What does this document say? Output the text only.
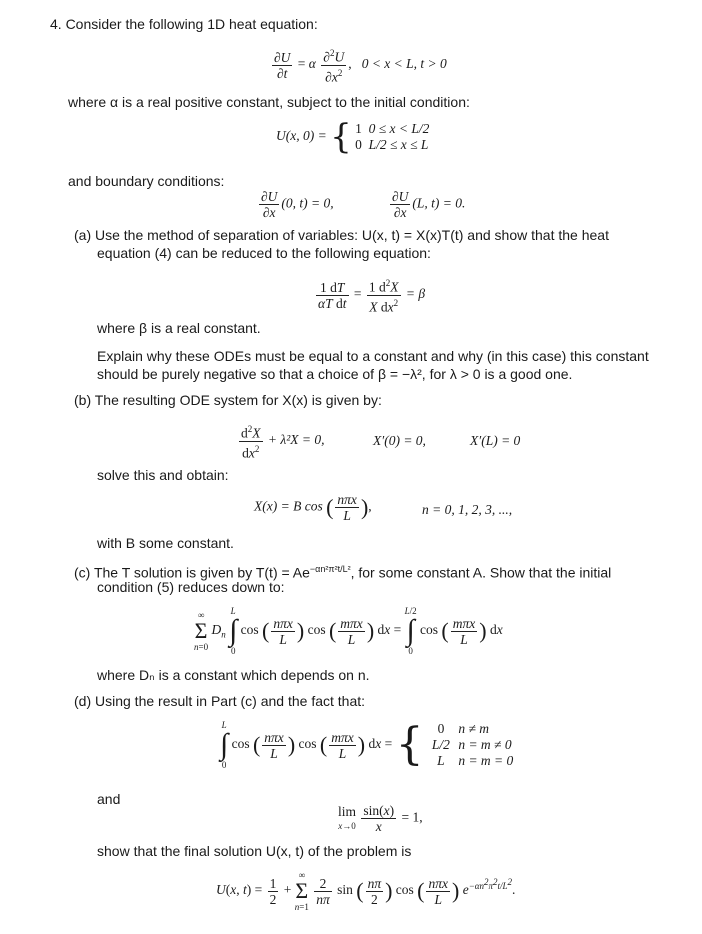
4. Consider the following 1D heat equation:
$\frac{\partial U}{\partial t} = \alpha \frac{\partial^2U}{\partial x^2}$ ,   0 < x < L, t > 0
where α is a real positive constant, subject to the initial condition:
U(x, 0) = { 1 0 ≤ x < L/2
0 L/2 ≤ x ≤ L
and boundary conditions:
$\frac{\partial U}{\partial x} (0$, t) = 0,	$\frac{\partial U}{\partial x} (L$, t) = 0.
(a) Use the method of separation of variables: U(x, t) = X(x)T(t) and show that the heat
equation (4) can be reduced to the following equation:
$\frac{1 dT}{\text{αT dt}} = \frac{1 d^2X}{X dx^2} = \beta$
where β is a real constant.
Explain why these ODEs must be equal to a constant and why (in this case) this constant
should be purely negative so that a choice of β = −λ², for λ > 0 is a good one.
(b) The resulting ODE system for X(x) is given by:
$\frac{d^2X}{dx^2} + \lambda^2X = 0$,	X′(0) = 0,	X′(L) = 0
solve this and obtain:
X(x) = B cos ( $\frac{\text{nπx}}{L}$ ),	n = 0, 1, 2, 3, ...,
with B some constant.
(c) The T solution is given by $T(t) = Ae^{-\alpha n^2\pi^2t/L^2}$, for some constant A. Show that the initial
condition (5) reduces down to:
∞
Σ
n=0 $D_n$ L
∫
0 cos ( $\frac{\text{nπx}}{L}$ ) cos ( $\frac{\text{mπx}}{L}$ ) dx = L/2
∫
0 cos ( $\frac{\text{mπx}}{L}$ ) dx
where Dₙ is a constant which depends on n.
(d) Using the result in Part (c) and the fact that:
L
∫
0 cos ( $\frac{\text{nπx}}{L}$ ) cos ( $\frac{\text{mπx}}{L}$ ) dx = { 0 n ≠ m
L/2 n = m ≠ 0
L n = m = 0
and
lim
$x\to 0 \frac{\sin(x)}{x} = 1$,
show that the final solution U(x, t) of the problem is
U(x, $t) = \frac{1}{2}$ + ∞
Σ
n=1
$\frac{2}{n\pi}$ sin ( $\frac{n\pi}{2}$ ) cos ( $\frac{\text{nπx}}{L}$ ) $e^{-\alpha n^2\pi^2t/L^2}$.
